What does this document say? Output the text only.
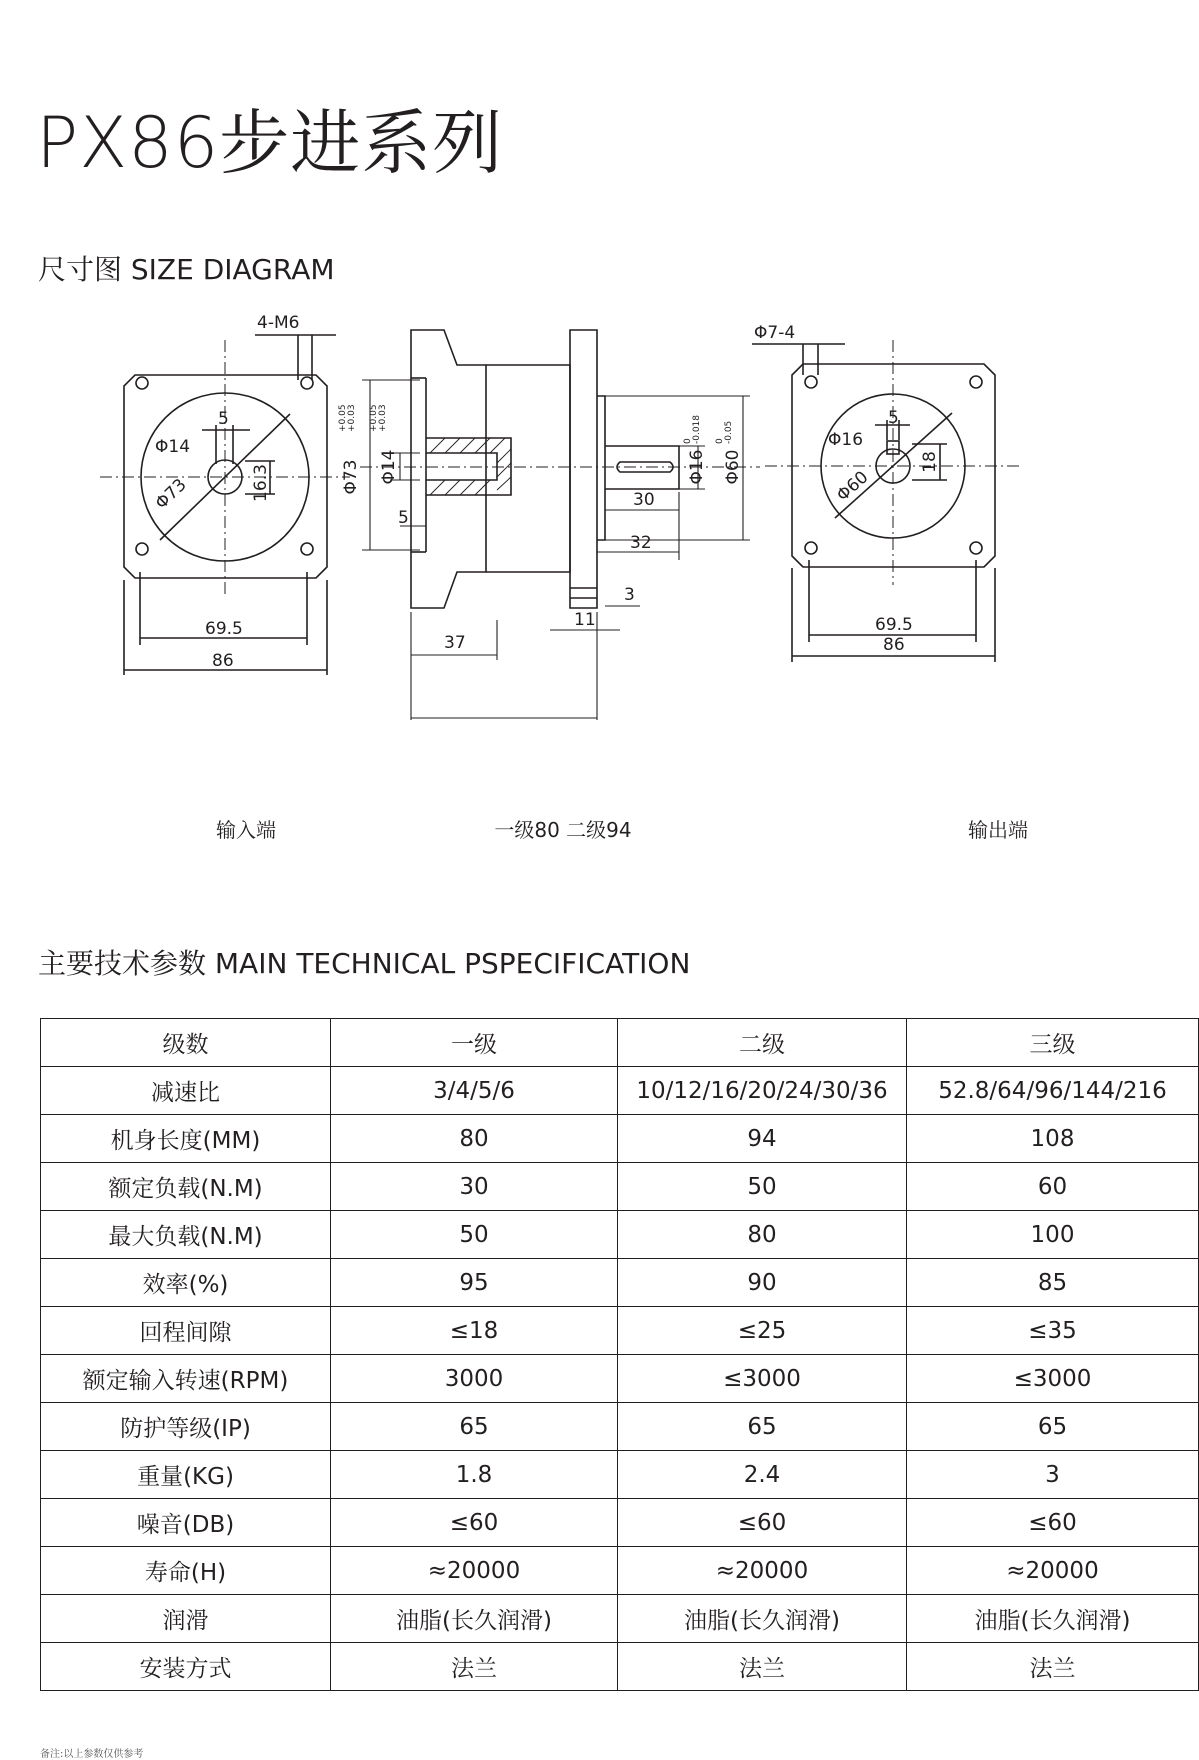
PX86步进系列
尺寸图 SIZE DIAGRAM
4-M6
5
Φ14
16.3
Φ73
69.5
86
Φ73 Φ14
5
37
Φ16 Φ60
30
32
3
11
Φ7-4
5
Φ16
18
Φ60
69.5
86
+0.05 +0.03 +0.05 +0.03
0 -0.018 0 -0.05
输入端	一级80 二级94	输出端
主要技术参数 MAIN TECHNICAL PSPECIFICATION
级数	一级	二级	三级
减速比	3/4/5/6	10/12/16/20/24/30/36	52.8/64/96/144/216
机身长度(MM)	80	94	108
额定负载(N.M)	30	50	60
最大负载(N.M)	50	80	100
效率(%)	95	90	85
回程间隙	≤18	≤25	≤35
额定输入转速(RPM)	3000	≤3000	≤3000
防护等级(IP)	65	65	65
重量(KG)	1.8	2.4	3
噪音(DB)	≤60	≤60	≤60
寿命(H)	≈20000	≈20000	≈20000
润滑	油脂(长久润滑)	油脂(长久润滑)	油脂(长久润滑)
安装方式	法兰	法兰	法兰
备注:以上参数仅供参考
